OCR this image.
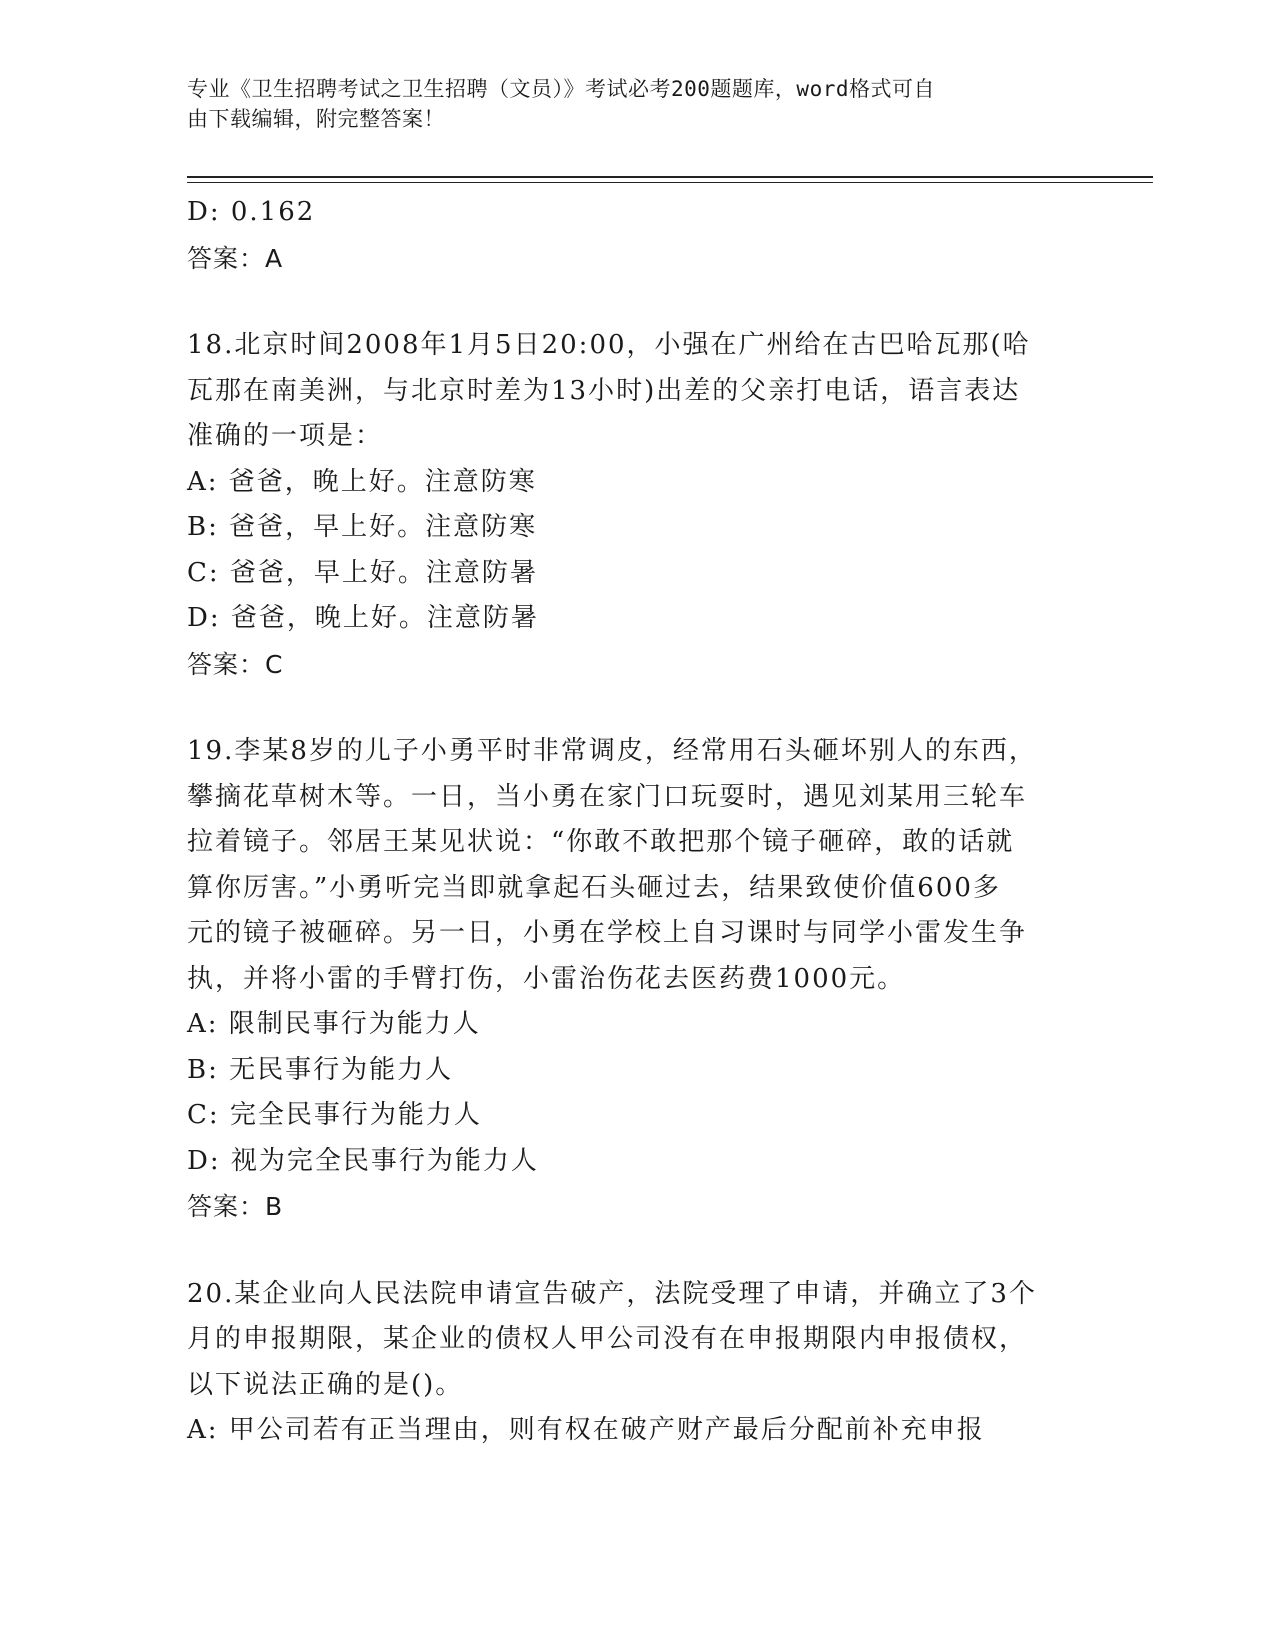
专业《卫生招聘考试之卫生招聘（文员）》考试必考200题题库，word格式可自
由下载编辑，附完整答案！
D: 0.162
答案：A
18.北京时间2008年1月5日20:00，小强在广州给在古巴哈瓦那(哈
瓦那在南美洲，与北京时差为13小时)出差的父亲打电话，语言表达
准确的一项是：
A: 爸爸，晚上好。注意防寒
B: 爸爸，早上好。注意防寒
C: 爸爸，早上好。注意防暑
D: 爸爸，晚上好。注意防暑
答案：C
19.李某8岁的儿子小勇平时非常调皮，经常用石头砸坏别人的东西，
攀摘花草树木等。一日，当小勇在家门口玩耍时，遇见刘某用三轮车
拉着镜子。邻居王某见状说：“你敢不敢把那个镜子砸碎，敢的话就
算你厉害。”小勇听完当即就拿起石头砸过去，结果致使价值600多
元的镜子被砸碎。另一日，小勇在学校上自习课时与同学小雷发生争
执，并将小雷的手臂打伤，小雷治伤花去医药费1000元。
A: 限制民事行为能力人
B: 无民事行为能力人
C: 完全民事行为能力人
D: 视为完全民事行为能力人
答案：B
20.某企业向人民法院申请宣告破产，法院受理了申请，并确立了3个
月的申报期限，某企业的债权人甲公司没有在申报期限内申报债权，
以下说法正确的是()。
A: 甲公司若有正当理由，则有权在破产财产最后分配前补充申报
